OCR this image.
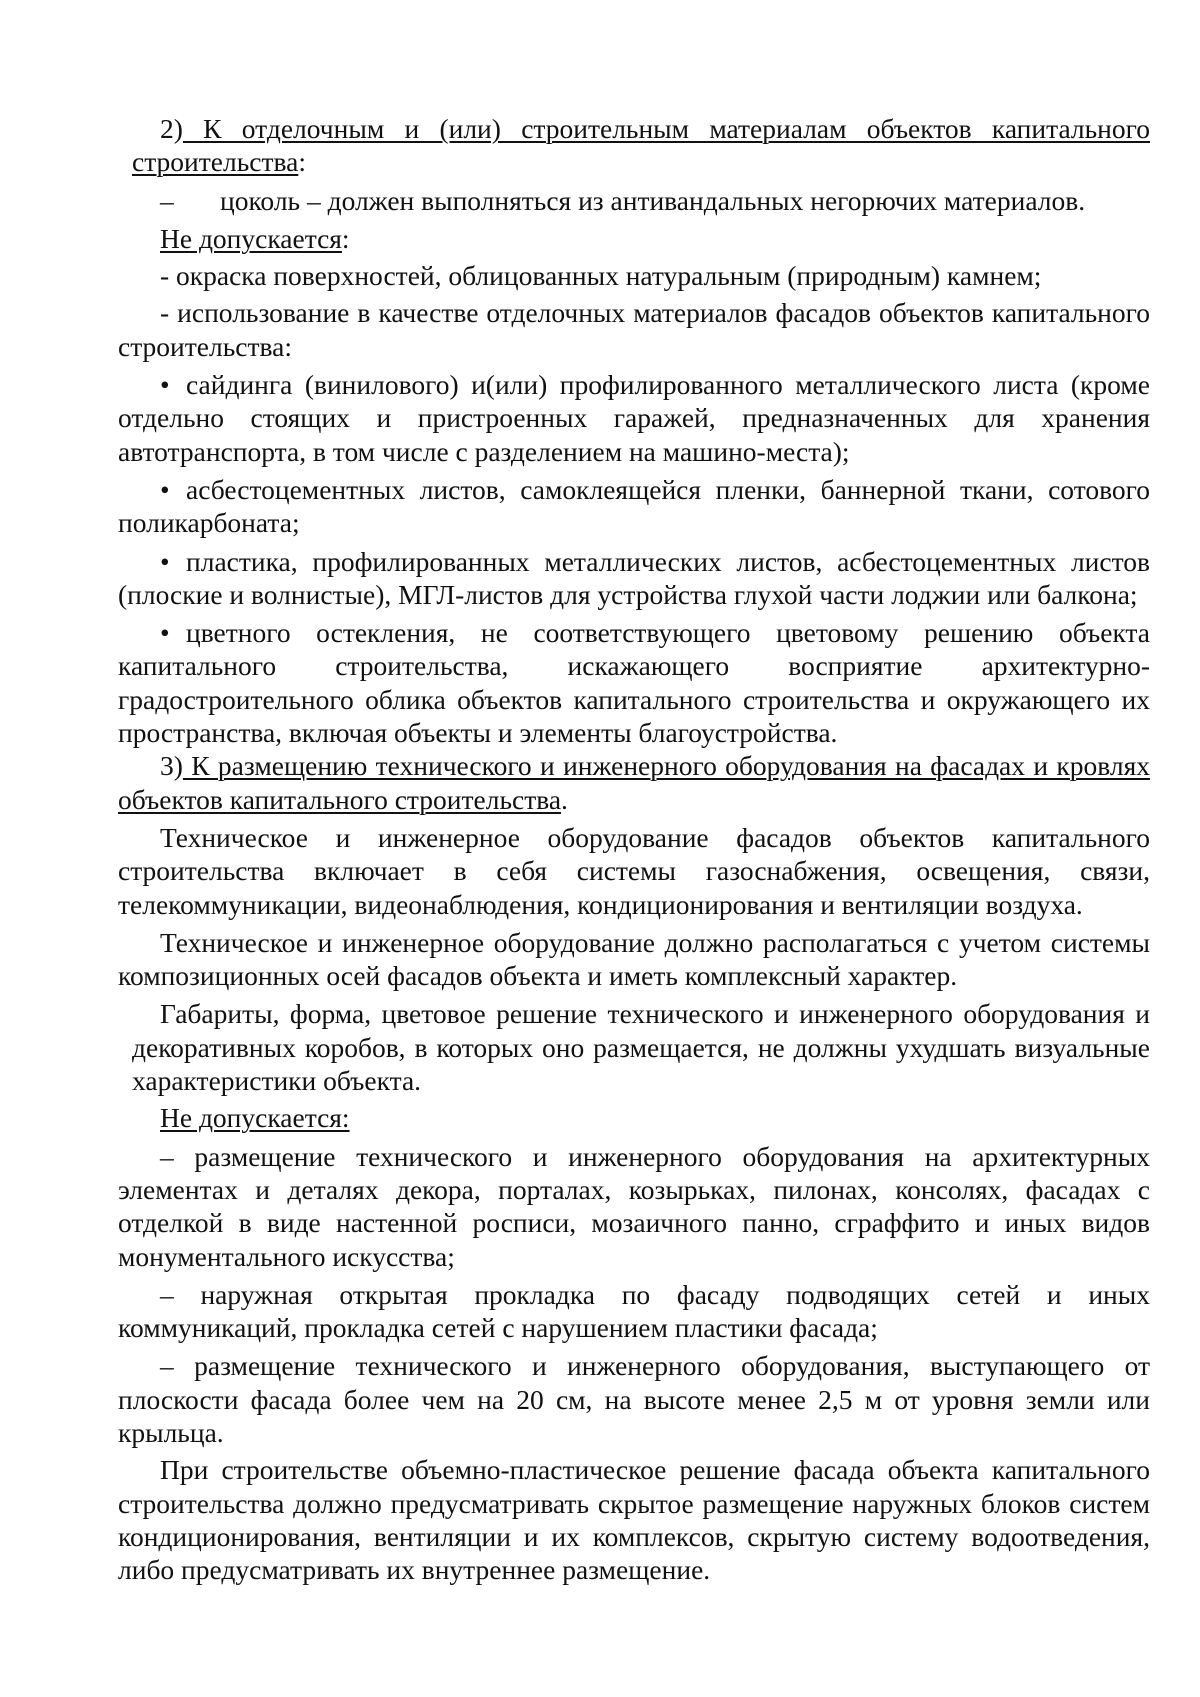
2) К отделочным и (или) строительным материалам объектов капитального строительства:

– цоколь – должен выполняться из антивандальных негорючих материалов.

Не допускается:

- окраска поверхностей, облицованных натуральным (природным) камнем;

- использование в качестве отделочных материалов фасадов объектов капитального строительства:

• сайдинга (винилового) и(или) профилированного металлического листа (кроме отдельно стоящих и пристроенных гаражей, предназначенных для хранения автотранспорта, в том числе с разделением на машино-места);

• асбестоцементных листов, самоклеящейся пленки, баннерной ткани, сотового поликарбоната;

• пластика, профилированных металлических листов, асбестоцементных листов (плоские и волнистые), МГЛ-листов для устройства глухой части лоджии или балкона;

• цветного остекления, не соответствующего цветовому решению объекта капитального строительства, искажающего восприятие архитектурно-градостроительного облика объектов капитального строительства и окружающего их пространства, включая объекты и элементы благоустройства.

3) К размещению технического и инженерного оборудования на фасадах и кровлях объектов капитального строительства.

Техническое и инженерное оборудование фасадов объектов капитального строительства включает в себя системы газоснабжения, освещения, связи, телекоммуникации, видеонаблюдения, кондиционирования и вентиляции воздуха.

Техническое и инженерное оборудование должно располагаться с учетом системы композиционных осей фасадов объекта и иметь комплексный характер.

Габариты, форма, цветовое решение технического и инженерного оборудования и декоративных коробов, в которых оно размещается, не должны ухудшать визуальные характеристики объекта.

Не допускается:

– размещение технического и инженерного оборудования на архитектурных элементах и деталях декора, порталах, козырьках, пилонах, консолях, фасадах с отделкой в виде настенной росписи, мозаичного панно, сграффито и иных видов монументального искусства;

– наружная открытая прокладка по фасаду подводящих сетей и иных коммуникаций, прокладка сетей с нарушением пластики фасада;

– размещение технического и инженерного оборудования, выступающего от плоскости фасада более чем на 20 см, на высоте менее 2,5 м от уровня земли или крыльца.

При строительстве объемно-пластическое решение фасада объекта капитального строительства должно предусматривать скрытое размещение наружных блоков систем кондиционирования, вентиляции и их комплексов, скрытую систему водоотведения, либо предусматривать их внутреннее размещение.
